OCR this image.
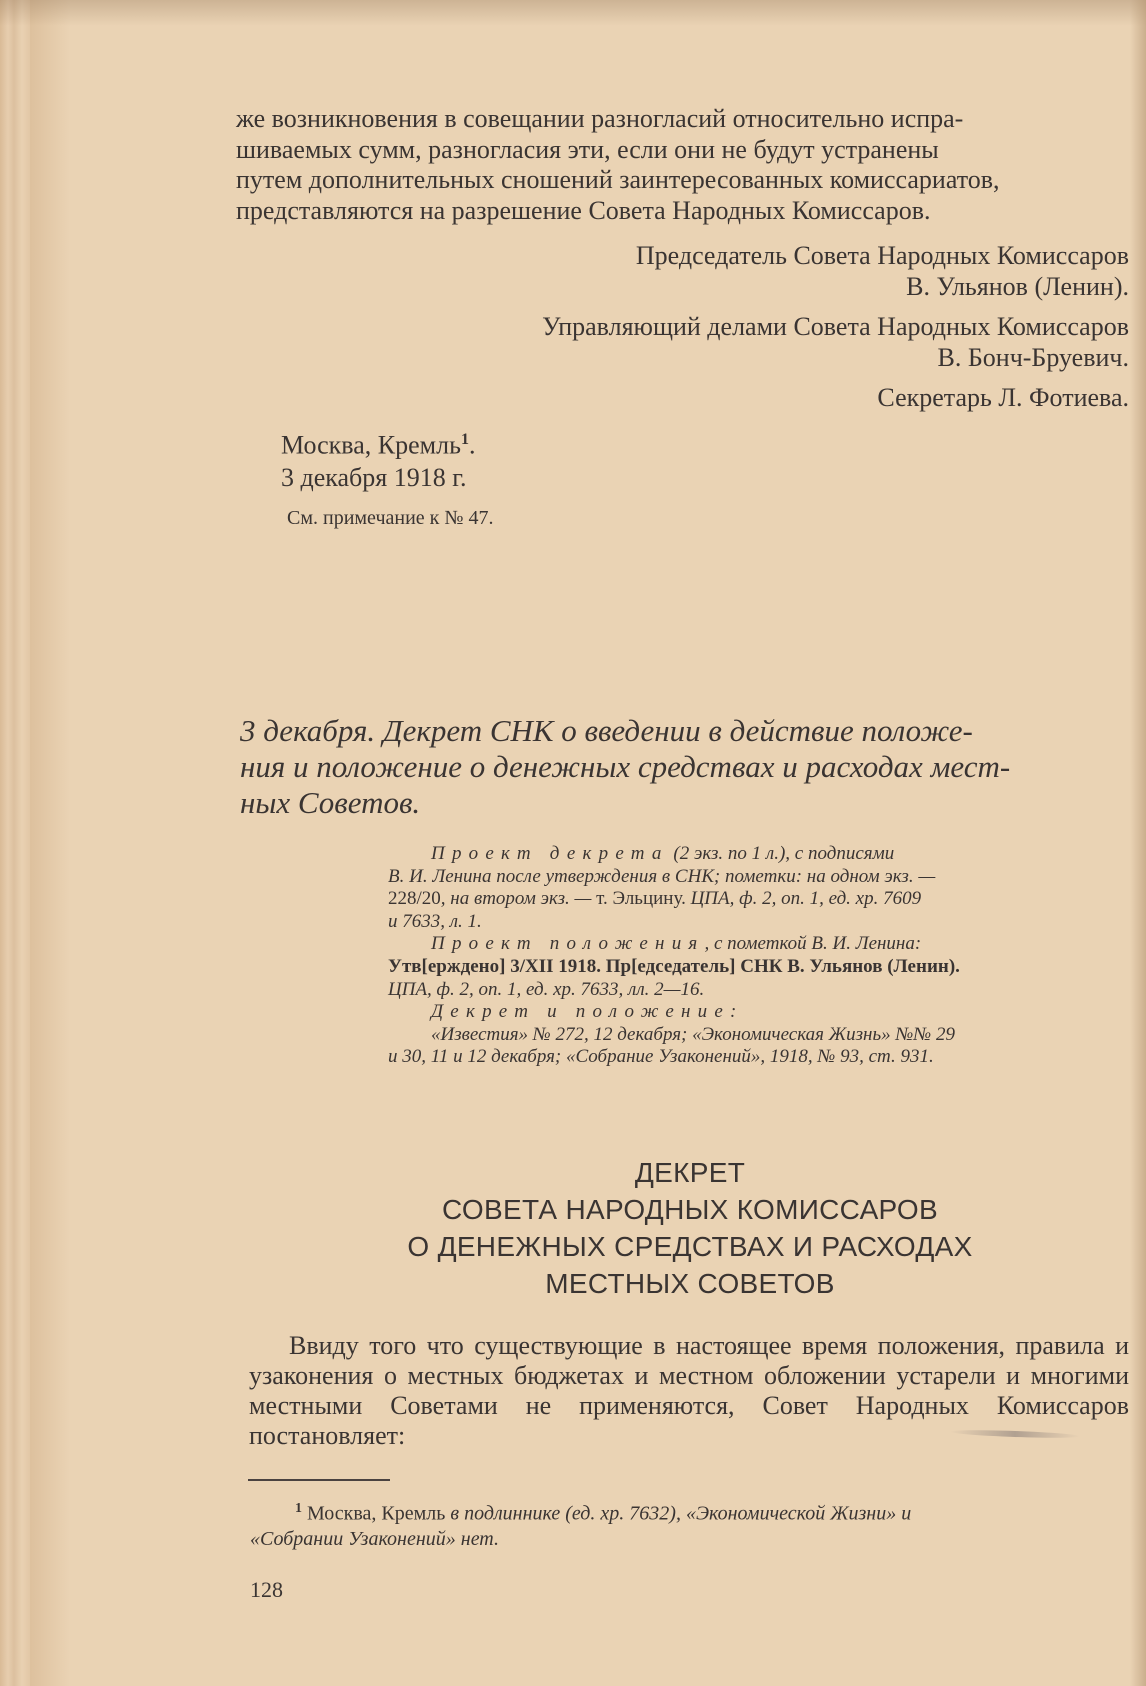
же возникновения в совещании разногласий относительно испра-
шиваемых сумм, разногласия эти, если они не будут устранены
путем дополнительных сношений заинтересованных комиссариатов,
представляются на разрешение Совета Народных Комиссаров.

Председатель Совета Народных Комиссаров

В. Ульянов (Ленин).

Управляющий делами Совета Народных Комиссаров

В. Бонч-Бруевич.

Секретарь Л. Фотиева.

Москва, Кремль$^1$.

3 декабря 1918 г.

См. примечание к № 47.
3 декабря. Декрет СНК о введении в действие положе-
ния и положение о денежных средствах и расходах мест-
ных Советов.

Проект декрета (2 экз. по 1 л.), с подписями

В. И. Ленина после утверждения в СНК; пометки: на одном экз. —

228/20, на втором экз. — т. Эльцину. ЦПА, ф. 2, оп. 1, ед. хр. 7609

и 7633, л. 1.

Проект положения, с пометкой В. И. Ленина:

Утв[ерждено] 3/XII 1918. Пр[едседатель] СНК В. Ульянов (Ленин).

ЦПА, ф. 2, оп. 1, ед. хр. 7633, лл. 2—16.

Декрет и положение:

«Известия» № 272, 12 декабря; «Экономическая Жизнь» №№ 29

и 30, 11 и 12 декабря; «Собрание Узаконений», 1918, № 93, ст. 931.

ДЕКРЕТ

СОВЕТА НАРОДНЫХ КОМИССАРОВ

О ДЕНЕЖНЫХ СРЕДСТВАХ И РАСХОДАХ

МЕСТНЫХ СОВЕТОВ

Ввиду того что существующие в настоящее время положения, правила и узаконения о местных бюджетах и местном обложении устарели и многими местными Советами не применяются, Совет Народных Комиссаров постановляет:
$^1$ Москва, Кремль в подлиннике (ед. хр. 7632), «Экономической Жизни» и
«Собрании Узаконений» нет.
128
